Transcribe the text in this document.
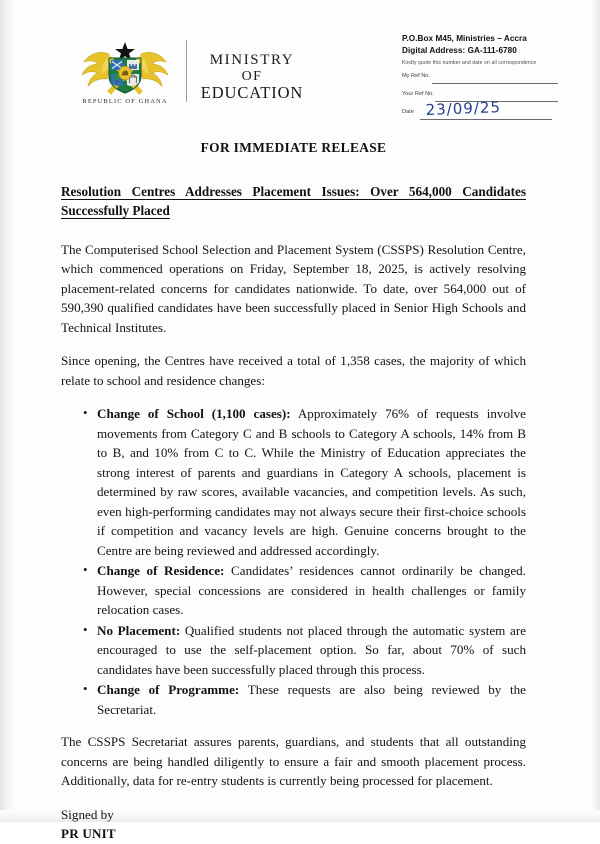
REPUBLIC OF GHANA
MINISTRY
OF
EDUCATION
P.O.Box M45, Ministries – Accra
Digital Address: GA-111-6780
Kindly quote this number and date on all correspondence
My Ref No.
Your Ref No.
Date 23/09/25
FOR IMMEDIATE RELEASE
Resolution Centres Addresses Placement Issues: Over 564,000 Candidates Successfully Placed

The Computerised School Selection and Placement System (CSSPS) Resolution Centre, which commenced operations on Friday, September 18, 2025, is actively resolving placement-related concerns for candidates nationwide. To date, over 564,000 out of 590,390 qualified candidates have been successfully placed in Senior High Schools and Technical Institutes.

Since opening, the Centres have received a total of 1,358 cases, the majority of which relate to school and residence changes:

• Change of School (1,100 cases): Approximately 76% of requests involve movements from Category C and B schools to Category A schools, 14% from B to B, and 10% from C to C. While the Ministry of Education appreciates the strong interest of parents and guardians in Category A schools, placement is determined by raw scores, available vacancies, and competition levels. As such, even high-performing candidates may not always secure their first-choice schools if competition and vacancy levels are high. Genuine concerns brought to the Centre are being reviewed and addressed accordingly.
• Change of Residence: Candidates’ residences cannot ordinarily be changed. However, special concessions are considered in health challenges or family relocation cases.
• No Placement: Qualified students not placed through the automatic system are encouraged to use the self-placement option. So far, about 70% of such candidates have been successfully placed through this process.
• Change of Programme: These requests are also being reviewed by the Secretariat.

The CSSPS Secretariat assures parents, guardians, and students that all outstanding concerns are being handled diligently to ensure a fair and smooth placement process. Additionally, data for re-entry students is currently being processed for placement.

Signed by

PR UNIT
